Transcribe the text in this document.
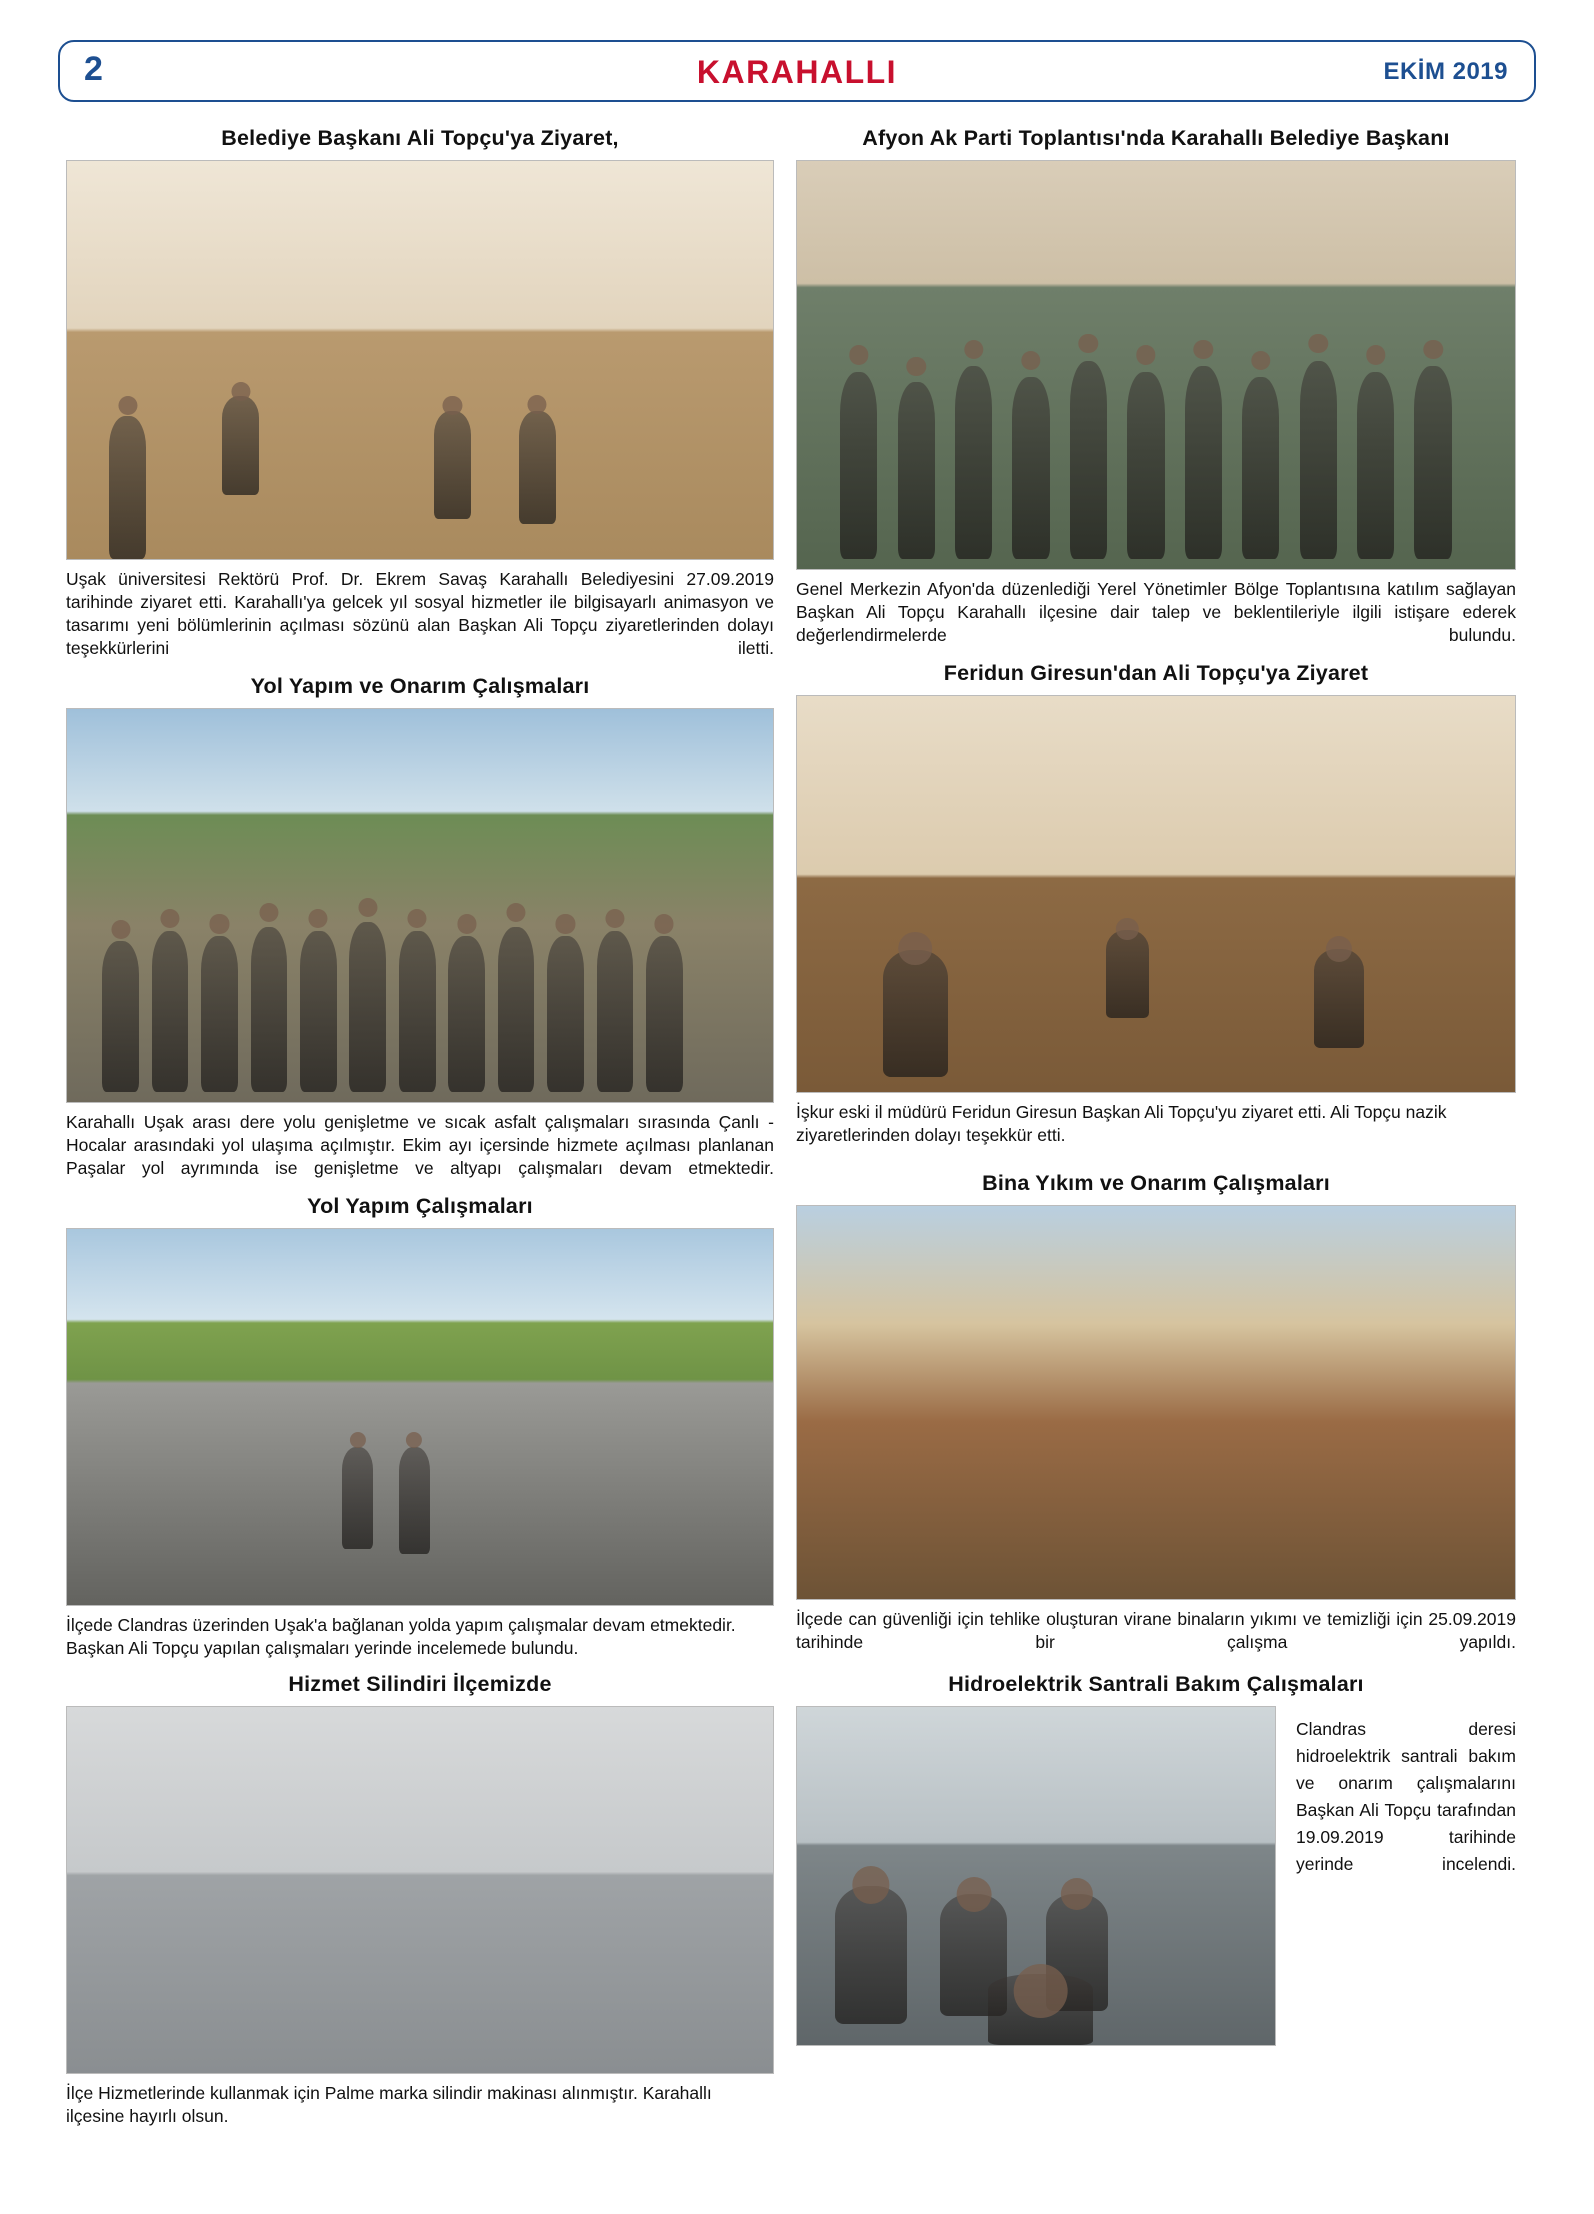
2	KARAHALLI	EKİM 2019
Belediye Başkanı Ali Topçu'ya Ziyaret,

Uşak üniversitesi Rektörü Prof. Dr. Ekrem Savaş Karahallı Belediyesini 27.09.2019 tarihinde ziyaret etti. Karahallı'ya gelcek yıl sosyal hizmetler ile bilgisayarlı animasyon ve tasarımı yeni bölümlerinin açılması sözünü alan Başkan Ali Topçu ziyaretlerinden dolayı teşekkürlerini iletti.

Yol Yapım ve Onarım Çalışmaları

Karahallı Uşak arası dere yolu genişletme ve sıcak asfalt çalışmaları sırasında Çanlı - Hocalar arasındaki yol ulaşıma açılmıştır. Ekim ayı içersinde hizmete açılması planlanan Paşalar yol ayrımında ise genişletme ve altyapı çalışmaları devam etmektedir.

Yol Yapım Çalışmaları

İlçede Clandras üzerinden Uşak'a bağlanan yolda yapım çalışmalar devam etmektedir. Başkan Ali Topçu yapılan çalışmaları yerinde incelemede bulundu.

Hizmet Silindiri İlçemizde

İlçe Hizmetlerinde kullanmak için Palme marka silindir makinası alınmıştır. Karahallı ilçesine hayırlı olsun.

Afyon Ak Parti Toplantısı'nda Karahallı Belediye Başkanı

Genel Merkezin Afyon'da düzenlediği Yerel Yönetimler Bölge Toplantısına katılım sağlayan Başkan Ali Topçu Karahallı ilçesine dair talep ve beklentileriyle ilgili istişare ederek değerlendirmelerde bulundu.

Feridun Giresun'dan Ali Topçu'ya Ziyaret

İşkur eski il müdürü Feridun Giresun Başkan Ali Topçu'yu ziyaret etti. Ali Topçu nazik ziyaretlerinden dolayı teşekkür etti.

Bina Yıkım ve Onarım Çalışmaları

İlçede can güvenliği için tehlike oluşturan virane binaların yıkımı ve temizliği için 25.09.2019 tarihinde bir çalışma yapıldı.

Hidroelektrik Santrali Bakım Çalışmaları
Clandras deresi hidroelektrik santrali bakım ve onarım çalışmalarını Başkan Ali Topçu tarafından 19.09.2019 tarihinde yerinde incelendi.
